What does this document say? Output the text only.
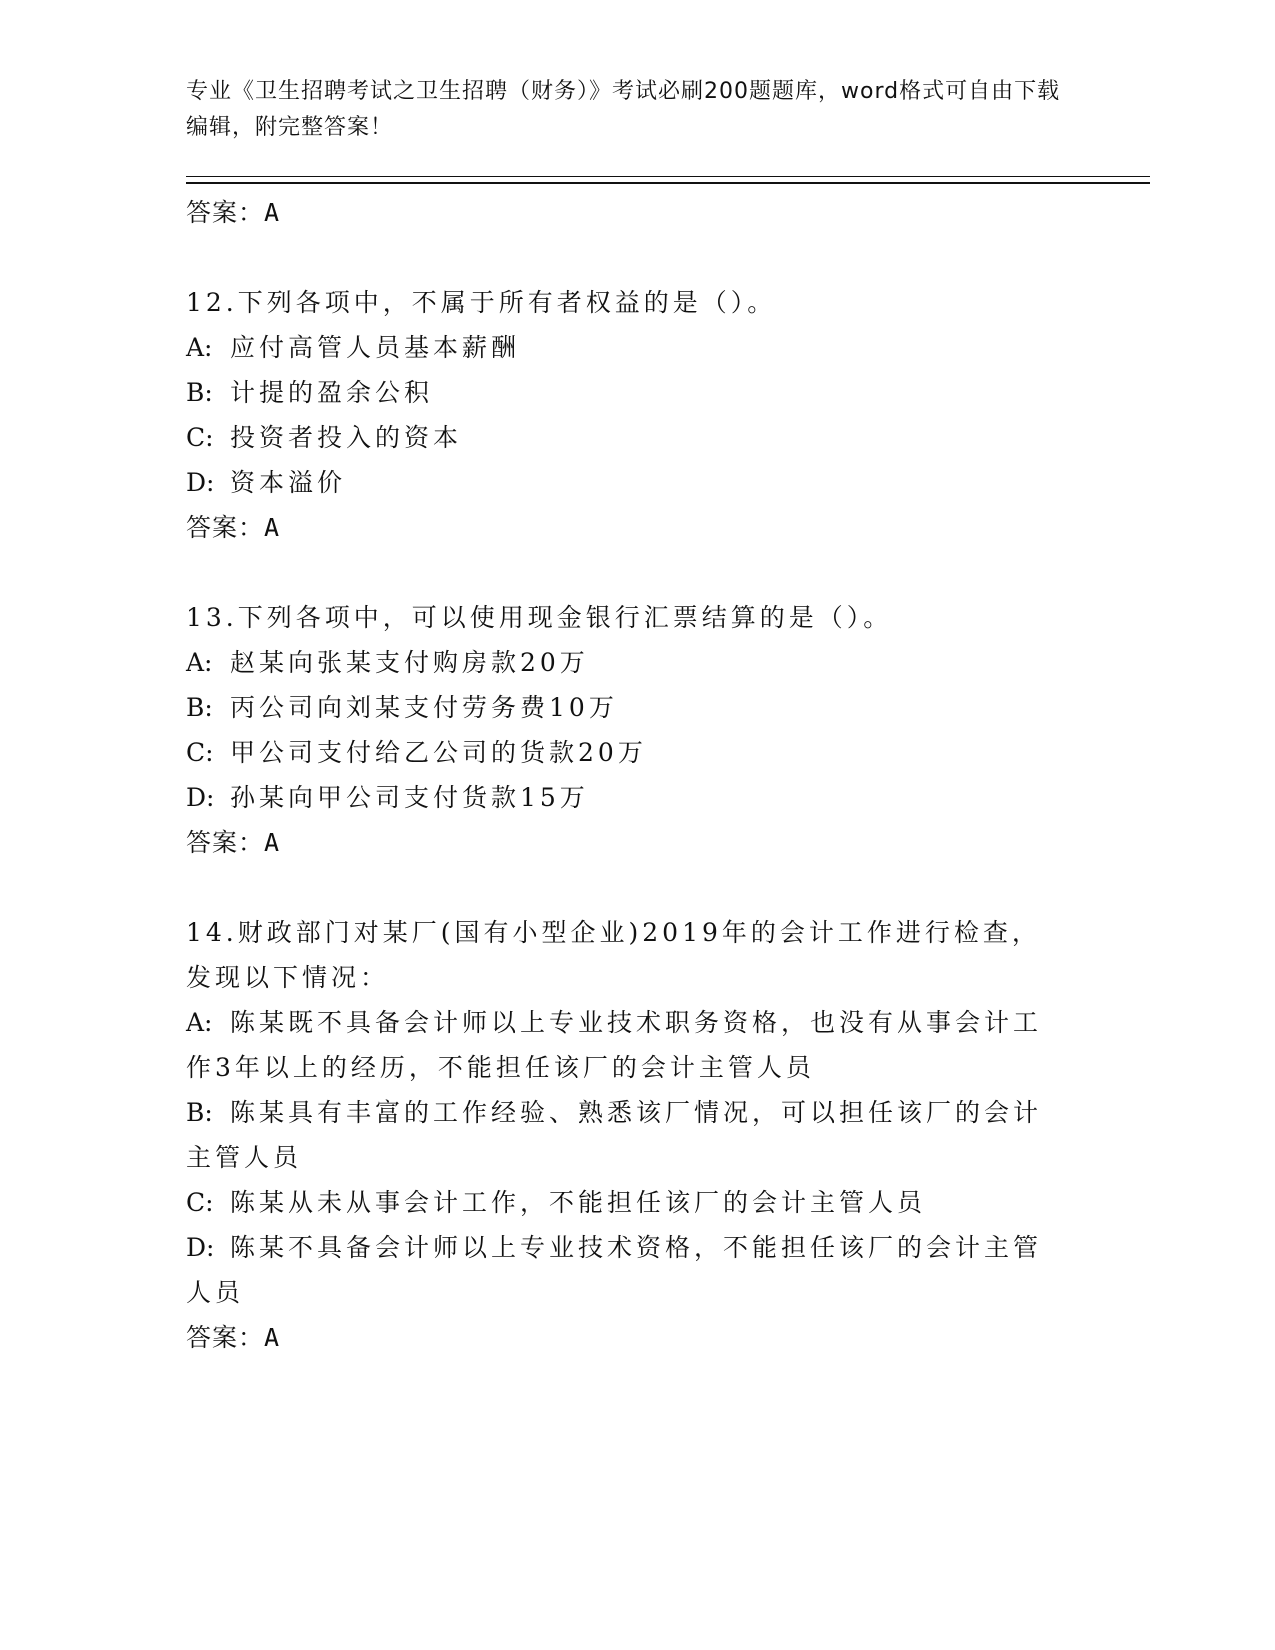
专业《卫生招聘考试之卫生招聘（财务）》考试必刷200题题库，word格式可自由下载编辑，附完整答案！
答案：A

12.下列各项中，不属于所有者权益的是（）。

A: 应付高管人员基本薪酬

B: 计提的盈余公积

C: 投资者投入的资本

D: 资本溢价

答案：A

13.下列各项中，可以使用现金银行汇票结算的是（）。

A: 赵某向张某支付购房款20万

B: 丙公司向刘某支付劳务费10万

C: 甲公司支付给乙公司的货款20万

D: 孙某向甲公司支付货款15万

答案：A

14.财政部门对某厂(国有小型企业)2019年的会计工作进行检查，发现以下情况：

A: 陈某既不具备会计师以上专业技术职务资格，也没有从事会计工作3年以上的经历，不能担任该厂的会计主管人员

B: 陈某具有丰富的工作经验、熟悉该厂情况，可以担任该厂的会计主管人员

C: 陈某从未从事会计工作，不能担任该厂的会计主管人员

D: 陈某不具备会计师以上专业技术资格，不能担任该厂的会计主管人员

答案：A
